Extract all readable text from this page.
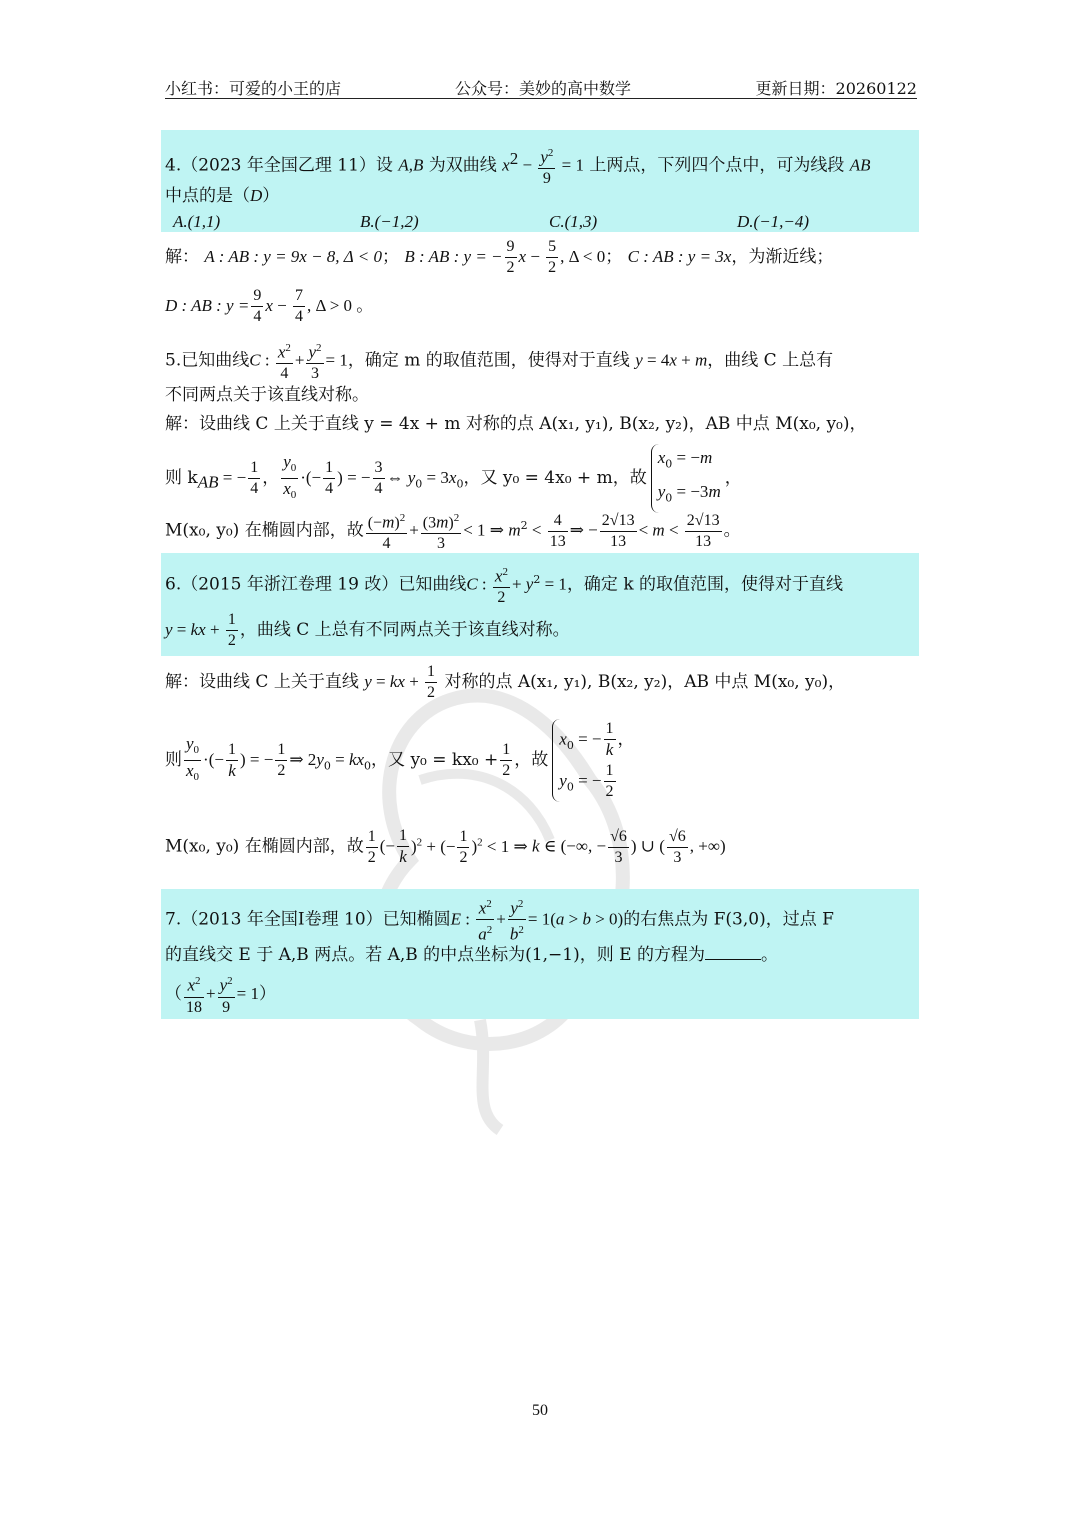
小红书：可爱的小王的店	公众号：美妙的高中数学	更新日期：20260122
4.（2023 年全国乙理 11）设 A,B 为双曲线 $x^2 - \frac{y^2}{9} = 1$ 上两点，下列四个点中，可为线段 AB
中点的是（D）
A.(1,1)	B.(−1,2)	C.(1,3)	D.(−1,−4)
解： A : AB : y = 9x − 8, Δ < 0； B : AB : y = − $\frac{9}{2}$ $x - \frac{5}{2}$ , Δ < 0； C : AB : y = 3x，为渐近线；
D : AB : $y = \frac{9}{4}$ $x - \frac{7}{4}$ , Δ > 0 。
5.已知曲线C : $\frac{x^2}{4} + \frac{y^2}{3} = 1$，确定 m 的取值范围，使得对于直线 y = 4x + m，曲线 C 上总有
不同两点关于该直线对称。
解：设曲线 C 上关于直线 y = 4x + m 对称的点 A(x₁, y₁), B(x₂, y₂)，AB 中点 M(x₀, y₀)，
则 $k_{AB}$ = − $\frac{1}{4}$ ， $\frac{y_0}{x_0}$ ·(− $\frac{1}{4}$ ) = − $\frac{3}{4}$ ⇔ $y_0 = 3x_0$，又 y₀ = 4x₀ + m，故
$x_0 = -m$
$y_0 = -3m$
，
M(x₀, y₀) 在椭圆内部，故 $\frac{(-m)^2}{4} + \frac{(3m)^2}{3} < 1$ ⇒ $m^2 < \frac{4}{13}$ ⇒ − $\frac{2√13}{13} < m < \frac{2√13}{13}$ 。
6.（2015 年浙江卷理 19 改）已知曲线C : $\frac{x^2}{2} + y^2 = 1$，确定 k 的取值范围，使得对于直线
y = kx + $\frac{1}{2}$ ，曲线 C 上总有不同两点关于该直线对称。
解：设曲线 C 上关于直线 y = kx + $\frac{1}{2}$ 对称的点 A(x₁, y₁), B(x₂, y₂)，AB 中点 M(x₀, y₀)，
则 $\frac{y_0}{x_0}$ ·(− $\frac{1}{k}$ ) = − $\frac{1}{2}$ ⇒ $2y_0 = kx_0$，又 $y_0 = kx_0 + \frac{1}{2}$ ，故
$x_0$ = − $\frac{1}{k}$ ，
$y_0$ = − $\frac{1}{2}$
M(x₀, y₀) 在椭圆内部，故 $\frac{1}{2}$ (− $\frac{1}{k} )^2$ + (− $\frac{1}{2} )^2 < 1$ ⇒ k ∈ (−∞, − $\frac{√6}{3}$ ) ∪ ( $\frac{√6}{3}$ , +∞)
7.（2013 年全国Ⅰ卷理 10）已知椭圆E : $\frac{x^2}{a^2} + \frac{y^2}{b^2} = 1(a > b > 0)$的右焦点为 F(3,0)，过点 F
的直线交 E 于 A,B 两点。若 A,B 的中点坐标为(1,−1)，则 E 的方程为	。
（ $\frac{x^2}{18} + \frac{y^2}{9} = 1$）
50
